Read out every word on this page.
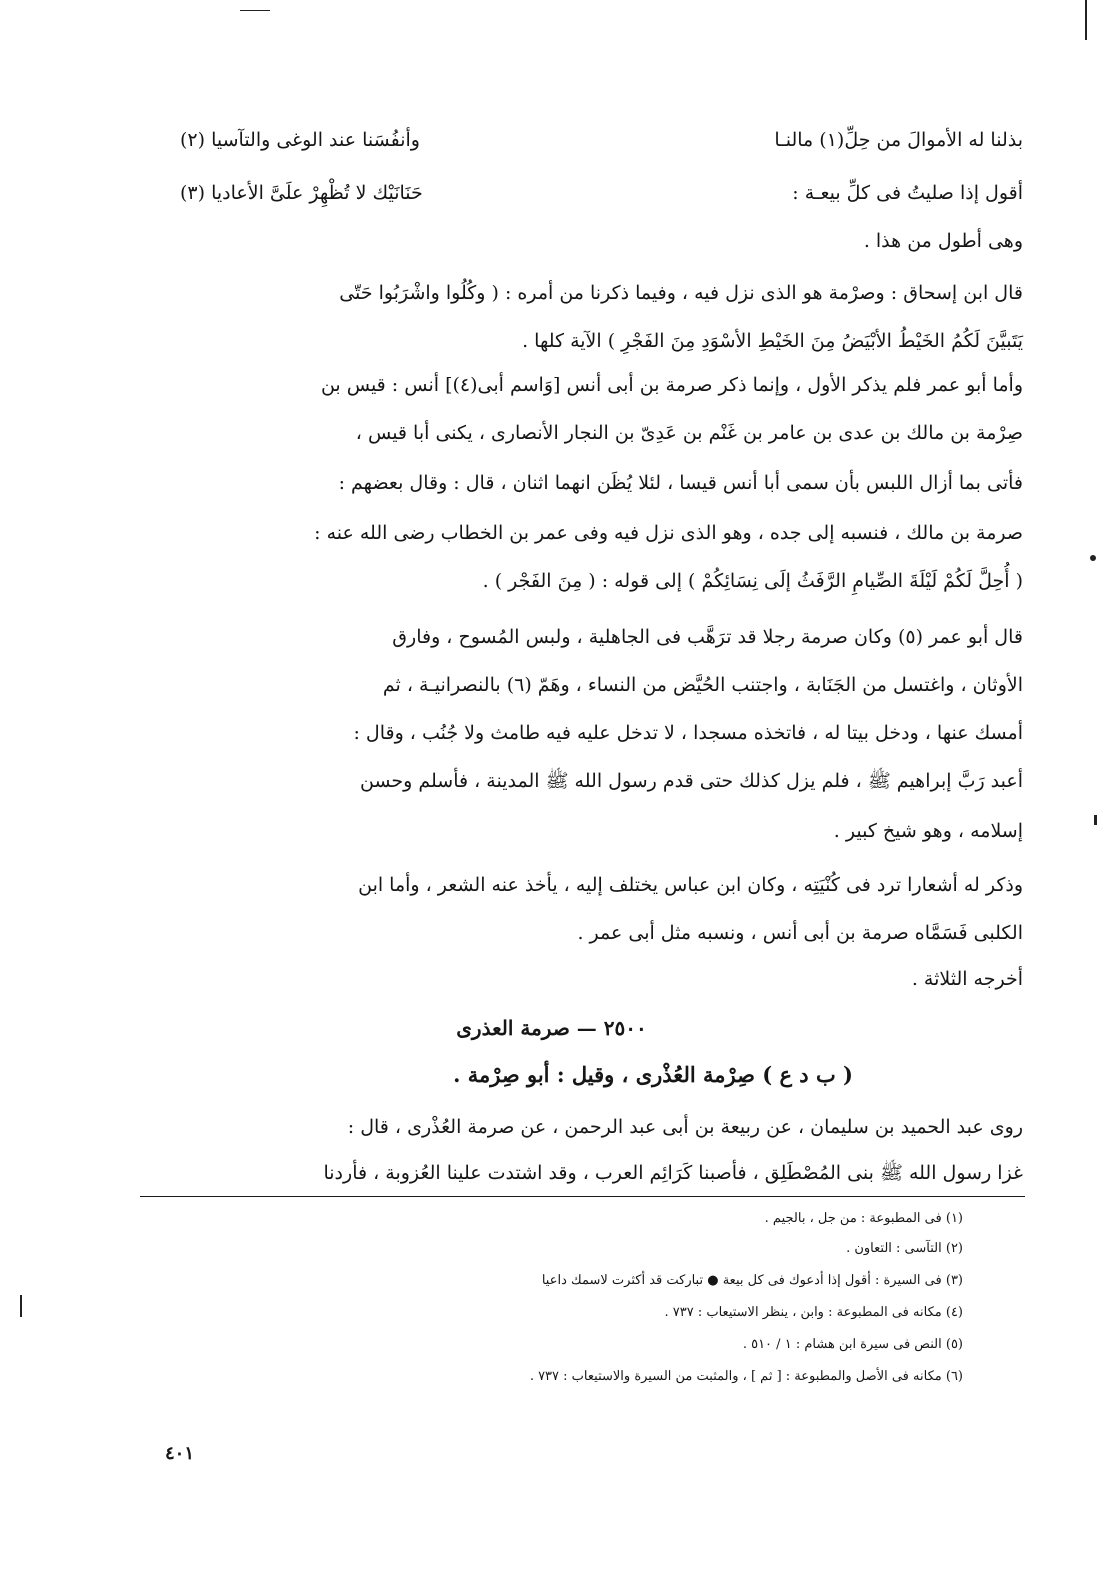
بذلنا له الأموالَ من حِلِّ(١) مالنـا
وأنفُسَنا عند الوغى والتآسيا (٢)
أقول إذا صليتُ فى كلِّ بيعـة :
حَنَانَيْك لا تُظْهِرْ علَىَّ الأعاديا (٣)
وهى أطول من هذا .
قال ابن إسحاق : وصرْمة هو الذى نزل فيه ، وفيما ذكرنا من أمره : ( وكُلُوا واشْرَبُوا حَتّى
يَتَبيَّنَ لَكُمُ الخَيْطُ الأبْيَضُ مِنَ الخَيْطِ الأسْوَدِ مِنَ الفَجْرِ ) الآية كلها .
وأما أبو عمر فلم يذكر الأول ، وإنما ذكر صرمة بن أبى أنس [وَاسم أبى(٤)] أنس : قيس بن
صِرْمة بن مالك بن عدى بن عامر بن غَنْم بن عَدِىّ بن النجار الأنصارى ، يكنى أبا قيس ،
فأتى بما أزال اللبس بأن سمى أبا أنس قيسا ، لئلا يُظَن انهما اثنان ، قال : وقال بعضهم :
صرمة بن مالك ، فنسبه إلى جده ، وهو الذى نزل فيه وفى عمر بن الخطاب رضى الله عنه :
( أُحِلَّ لَكُمْ لَيْلَةَ الصِّيامِ الرَّفَثُ إلَى نِسَائِكُمْ ) إلى قوله : ( مِنَ الفَجْر ) .
قال أبو عمر (٥) وكان صرمة رجلا قد ترَهَّب فى الجاهلية ، ولبس المُسوح ، وفارق
الأوثان ، واغتسل من الجَنَابة ، واجتنب الحُيَّض من النساء ، وهَمّ (٦) بالنصرانيـة ، ثم
أمسك عنها ، ودخل بيتا له ، فاتخذه مسجدا ، لا تدخل عليه فيه طامث ولا جُنُب ، وقال :
أعبد رَبَّ إبراهيم ﷺ ، فلم يزل كذلك حتى قدم رسول الله ﷺ المدينة ، فأسلم وحسن
إسلامه ، وهو شيخ كبير .
وذكر له أشعارا ترد فى كُنْيَتِه ، وكان ابن عباس يختلف إليه ، يأخذ عنه الشعر ، وأما ابن
الكلبى فَسَمَّاه صرمة بن أبى أنس ، ونسبه مثل أبى عمر .
أخرجه الثلاثة .
٢٥٠٠ — صرمة العذرى
( ب د ع ) صِرْمة العُذْرى ، وقيل : أبو صِرْمة .
روى عبد الحميد بن سليمان ، عن ربيعة بن أبى عبد الرحمن ، عن صرمة العُذْرى ، قال :
غزا رسول الله ﷺ بنى المُصْطَلِق ، فأصبنا كَرَائِم العرب ، وقد اشتدت علينا العُزوبة ، فأردنا
(١) فى المطبوعة : من جل ، بالجيم .
(٢) التآسى : التعاون .
(٣) فى السيرة : أقول إذا أدعوك فى كل بيعة ● تباركت قد أكثرت لاسمك داعيا
(٤) مكانه فى المطبوعة : وابن ، ينظر الاستيعاب : ٧٣٧ .
(٥) النص فى سيرة ابن هشام : ١ / ٥١٠ .
(٦) مكانه فى الأصل والمطبوعة : [ ثم ] ، والمثبت من السيرة والاستيعاب : ٧٣٧ .
٤٠١
